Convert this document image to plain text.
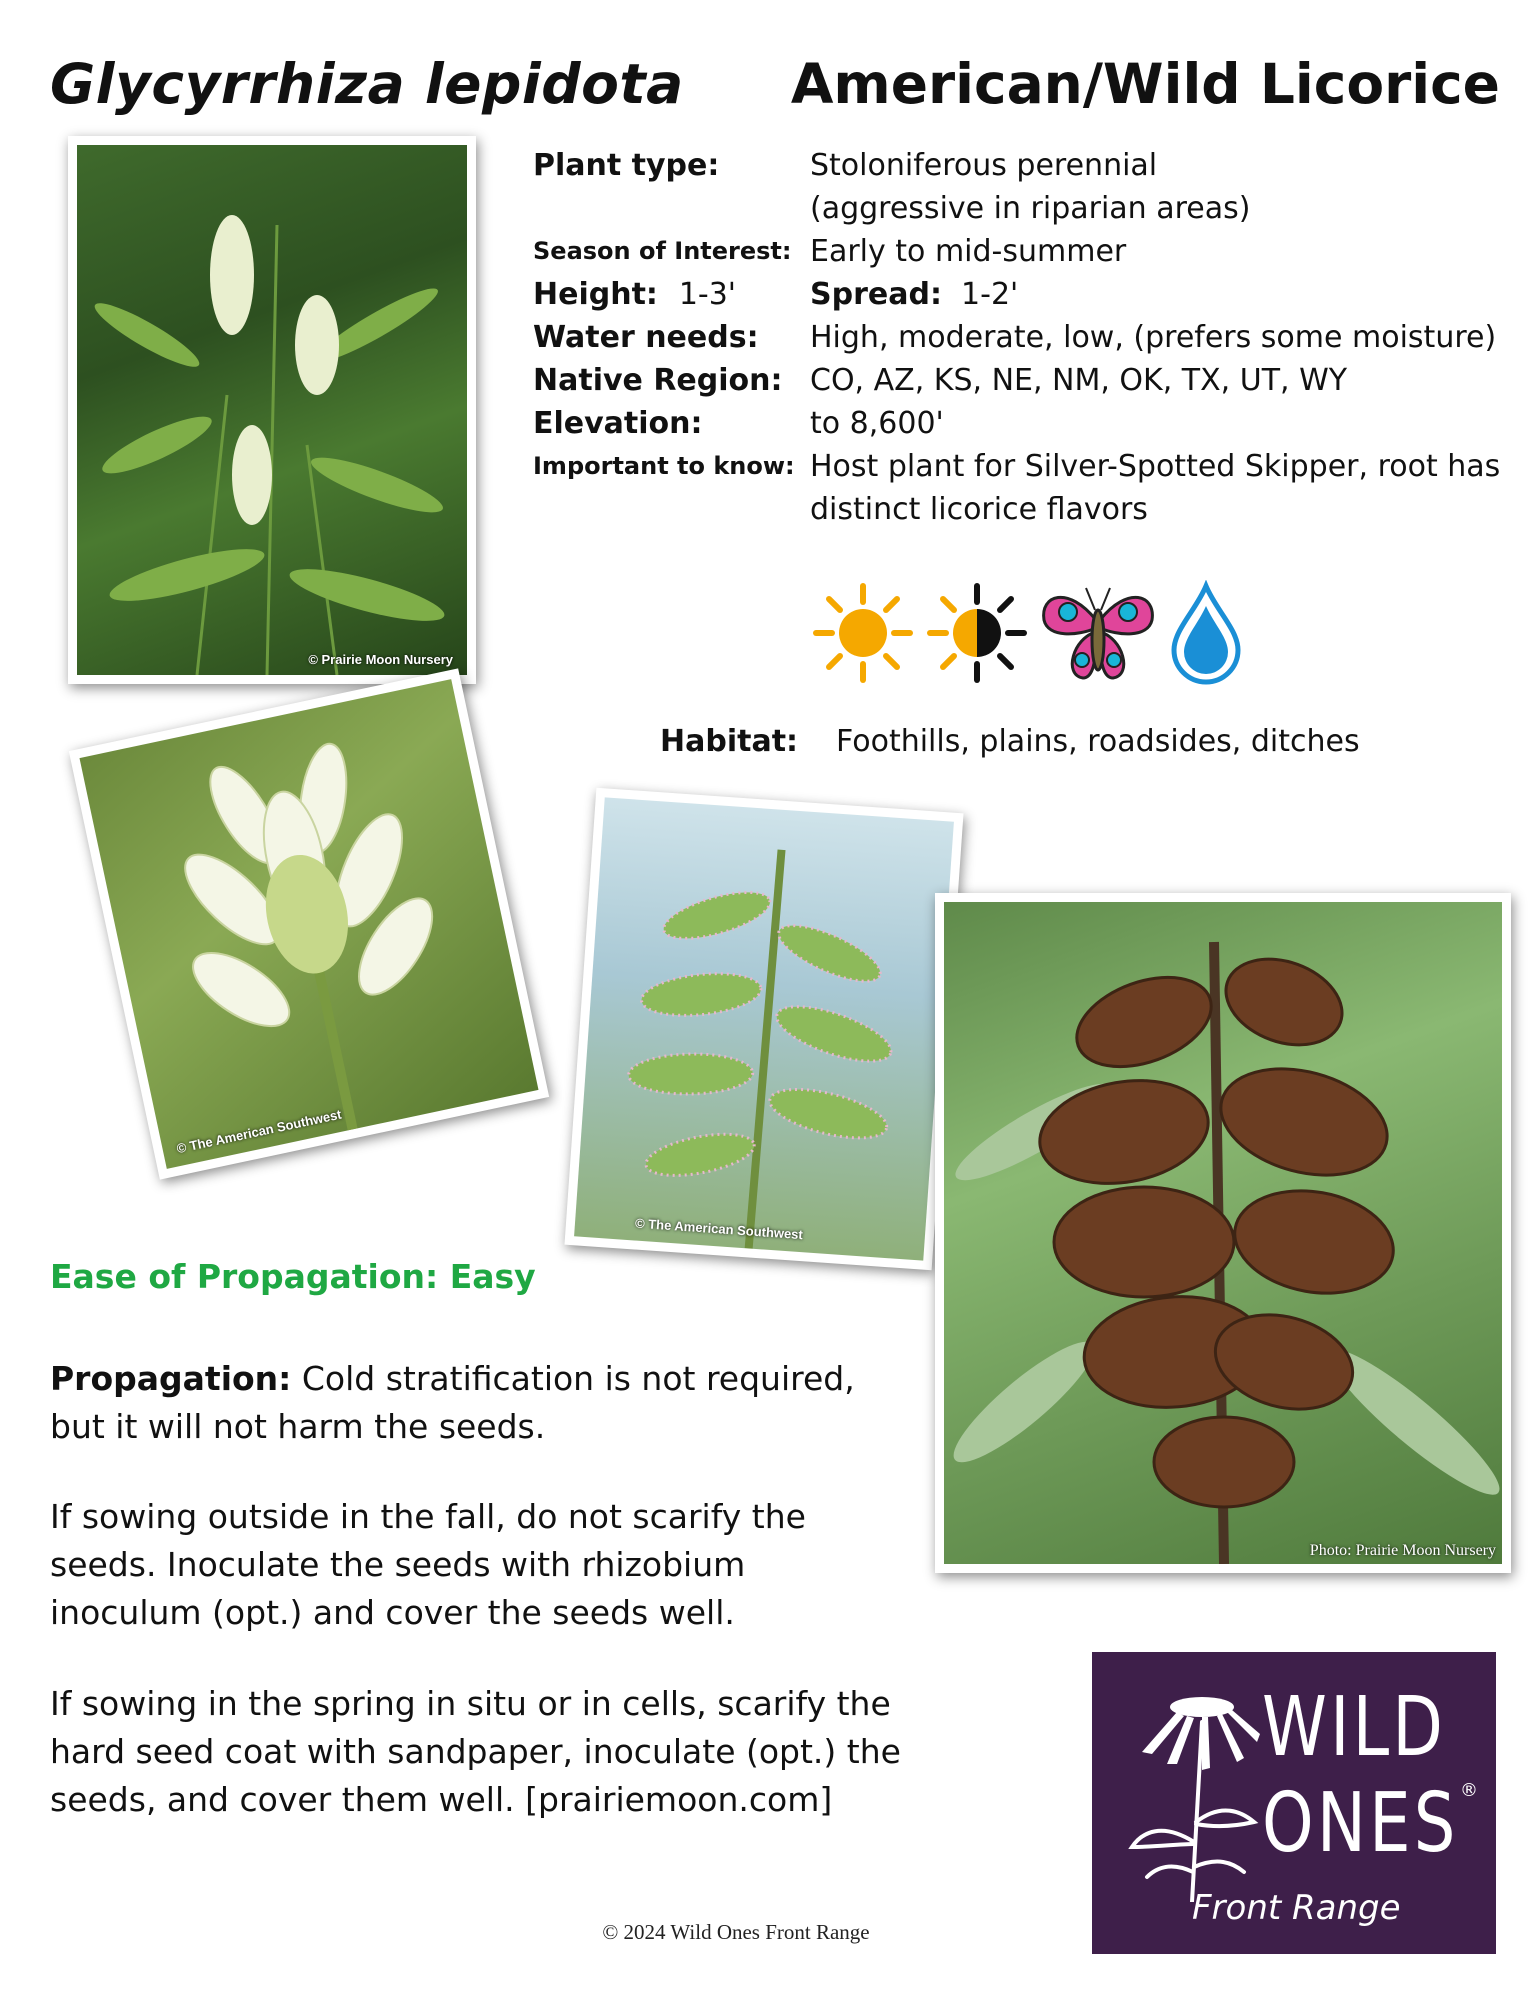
Glycyrrhiza lepidota American/Wild Licorice
© Prairie Moon Nursery
© The American Southwest
© The American Southwest
Photo: Prairie Moon Nursery
Plant type:	Stoloniferous perennial
(aggressive in riparian areas)
Season of Interest: Early to mid-summer
Height: 1-3'	Spread: 1-2'
Water needs:	High, moderate, low, (prefers some moisture)
Native Region: CO, AZ, KS, NE, NM, OK, TX, UT, WY
Elevation:	to 8,600'
Important to know: Host plant for Silver-Spotted Skipper, root has
distinct licorice flavors
Habitat: Foothills, plains, roadsides, ditches
Ease of Propagation: Easy
Propagation: Cold stratification is not required, but it will not harm the seeds.
If sowing outside in the fall, do not scarify the seeds. Inoculate the seeds with rhizobium inoculum (opt.) and cover the seeds well.
If sowing in the spring in situ or in cells, scarify the hard seed coat with sandpaper, inoculate (opt.) the seeds, and cover them well. [prairiemoon.com]
WILD
ONES ®
Front Range
© 2024 Wild Ones Front Range
